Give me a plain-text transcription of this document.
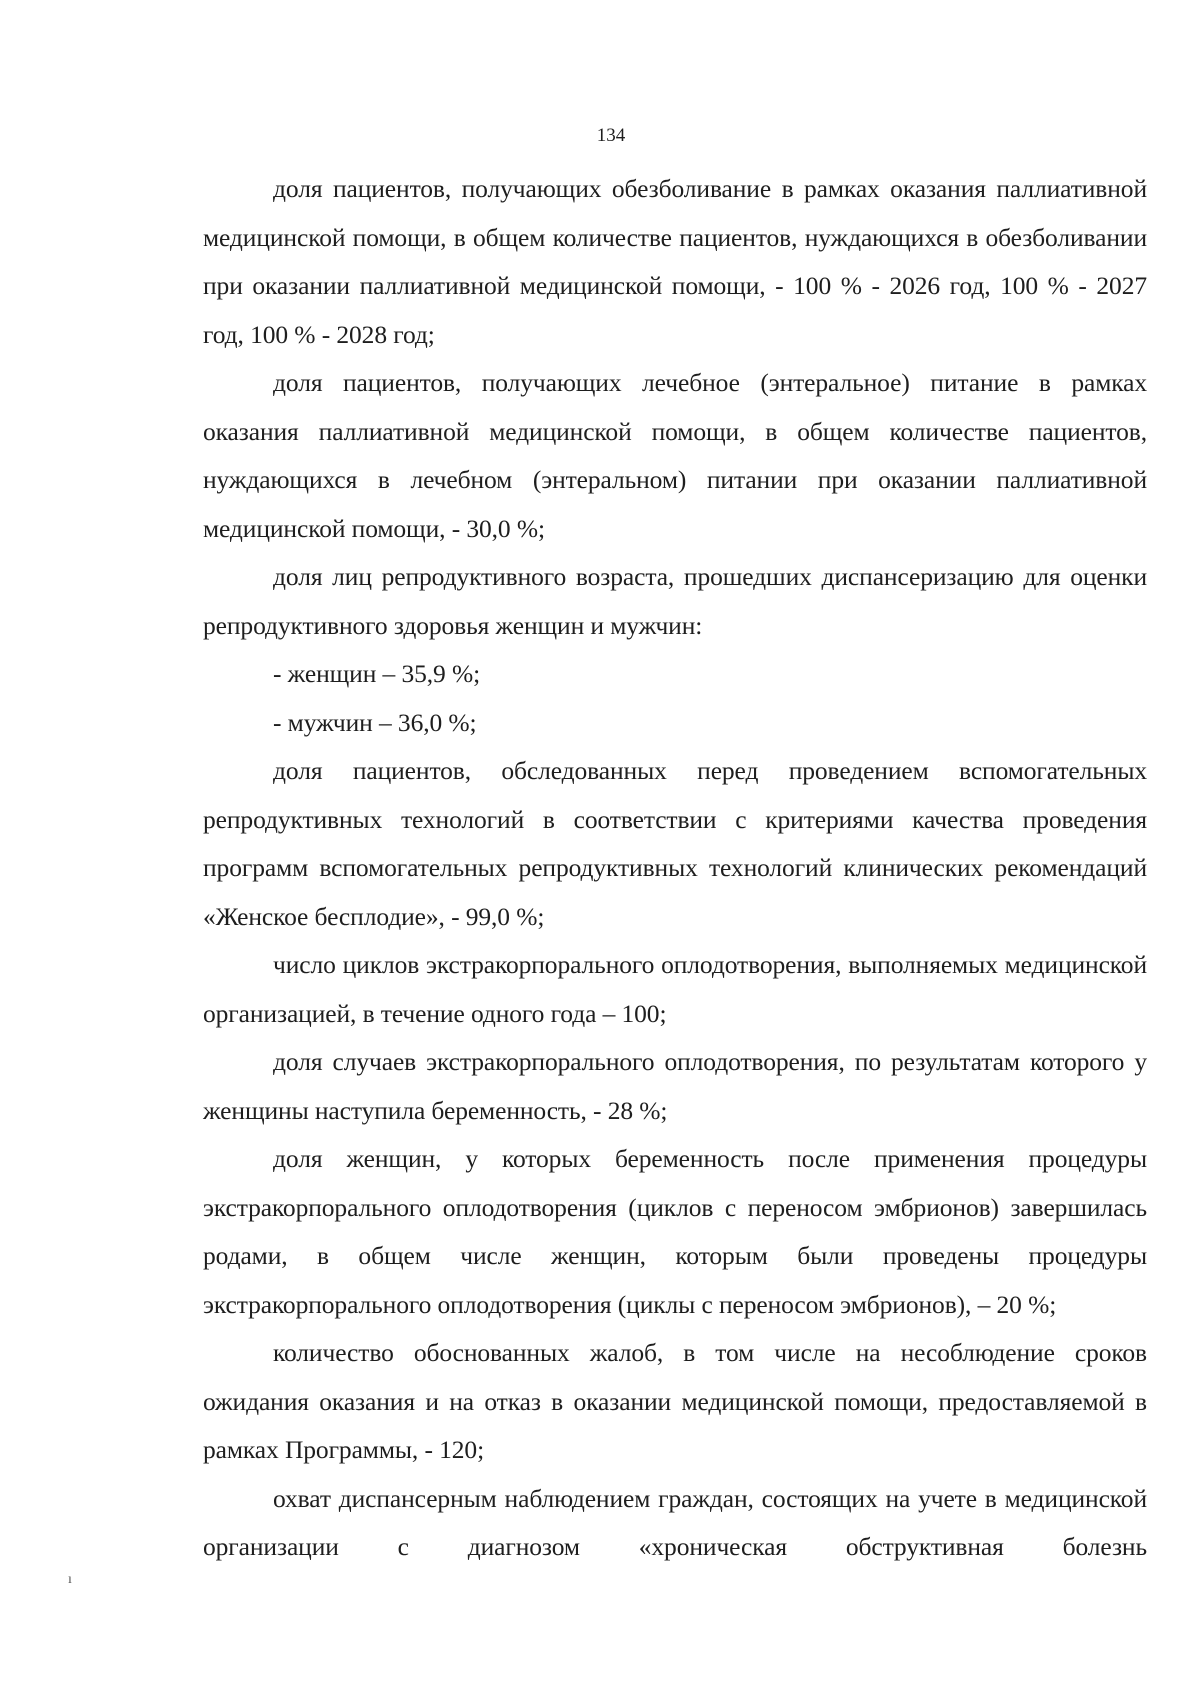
134

доля пациентов, получающих обезболивание в рамках оказания паллиативной медицинской помощи, в общем количестве пациентов, нуждающихся в обезболивании при оказании паллиативной медицинской помощи, - 100 % - 2026 год, 100 % - 2027 год, 100 % - 2028 год;

доля пациентов, получающих лечебное (энтеральное) питание в рамках оказания паллиативной медицинской помощи, в общем количестве пациентов, нуждающихся в лечебном (энтеральном) питании при оказании паллиативной медицинской помощи, - 30,0 %;

доля лиц репродуктивного возраста, прошедших диспансеризацию для оценки репродуктивного здоровья женщин и мужчин:

- женщин – 35,9 %;

- мужчин – 36,0 %;

доля пациентов, обследованных перед проведением вспомогательных репродуктивных технологий в соответствии с критериями качества проведения программ вспомогательных репродуктивных технологий клинических рекомендаций «Женское бесплодие», - 99,0 %;

число циклов экстракорпорального оплодотворения, выполняемых медицинской организацией, в течение одного года – 100;

доля случаев экстракорпорального оплодотворения, по результатам которого у женщины наступила беременность, - 28 %;

доля женщин, у которых беременность после применения процедуры экстракорпорального оплодотворения (циклов с переносом эмбрионов) завершилась родами, в общем числе женщин, которым были проведены процедуры экстракорпорального оплодотворения (циклы с переносом эмбрионов), – 20 %;

количество обоснованных жалоб, в том числе на несоблюдение сроков ожидания оказания и на отказ в оказании медицинской помощи, предоставляемой в рамках Программы, - 120;

охват диспансерным наблюдением граждан, состоящих на учете в медицинской организации с диагнозом «хроническая обструктивная болезнь

ı
